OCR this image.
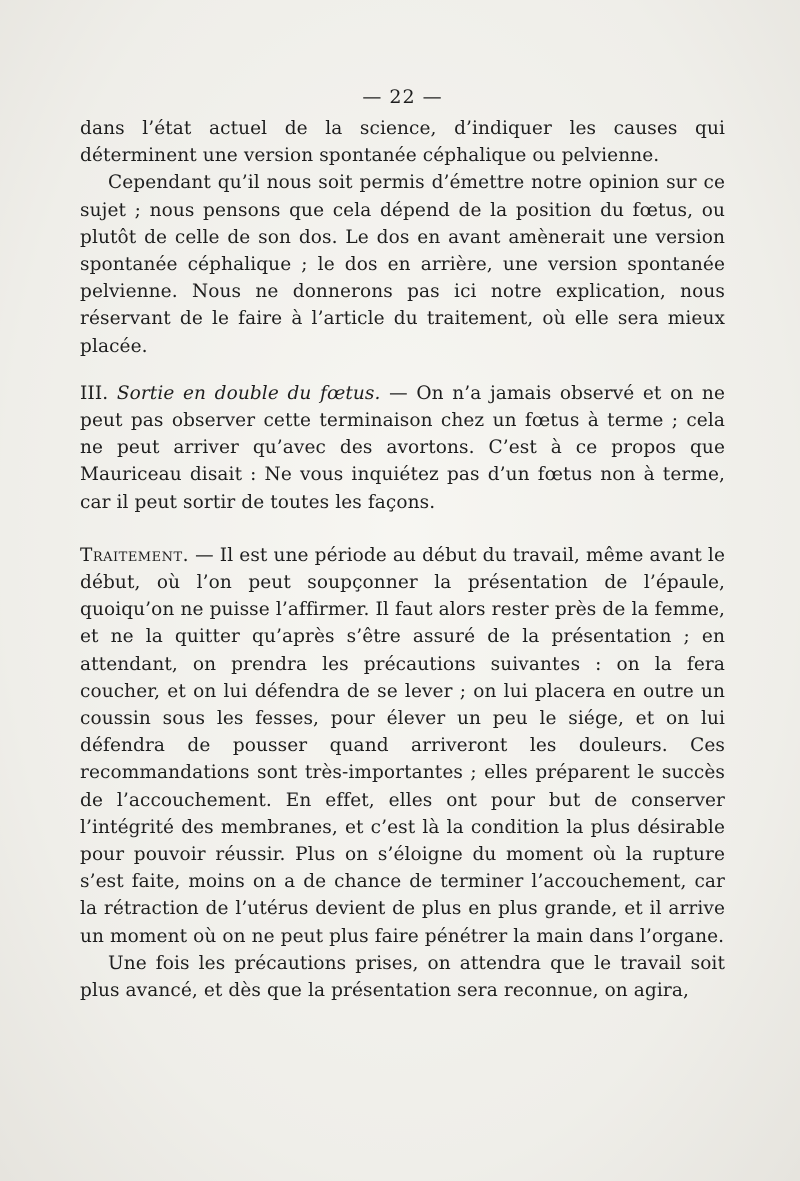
— 22 —

dans l’état actuel de la science, d’indiquer les causes qui déterminent une version spontanée céphalique ou pelvienne.

Cependant qu’il nous soit permis d’émettre notre opinion sur ce sujet ; nous pensons que cela dépend de la position du fœtus, ou plutôt de celle de son dos. Le dos en avant amènerait une version spontanée céphalique ; le dos en arrière, une version spontanée pelvienne. Nous ne donnerons pas ici notre explication, nous réservant de le faire à l’article du traitement, où elle sera mieux placée.

III. Sortie en double du fœtus. — On n’a jamais observé et on ne peut pas observer cette terminaison chez un fœtus à terme ; cela ne peut arriver qu’avec des avortons. C’est à ce propos que Mauriceau disait : Ne vous inquiétez pas d’un fœtus non à terme, car il peut sortir de toutes les façons.

Traitement. — Il est une période au début du travail, même avant le début, où l’on peut soupçonner la présentation de l’épaule, quoiqu’on ne puisse l’affirmer. Il faut alors rester près de la femme, et ne la quitter qu’après s’être assuré de la présentation ; en attendant, on prendra les précautions suivantes : on la fera coucher, et on lui défendra de se lever ; on lui placera en outre un coussin sous les fesses, pour élever un peu le siége, et on lui défendra de pousser quand arriveront les douleurs. Ces recommandations sont très-importantes ; elles préparent le succès de l’accouchement. En effet, elles ont pour but de conserver l’intégrité des membranes, et c’est là la condition la plus désirable pour pouvoir réussir. Plus on s’éloigne du moment où la rupture s’est faite, moins on a de chance de terminer l’accouchement, car la rétraction de l’utérus devient de plus en plus grande, et il arrive un moment où on ne peut plus faire pénétrer la main dans l’organe.

Une fois les précautions prises, on attendra que le travail soit plus avancé, et dès que la présentation sera reconnue, on agira,
